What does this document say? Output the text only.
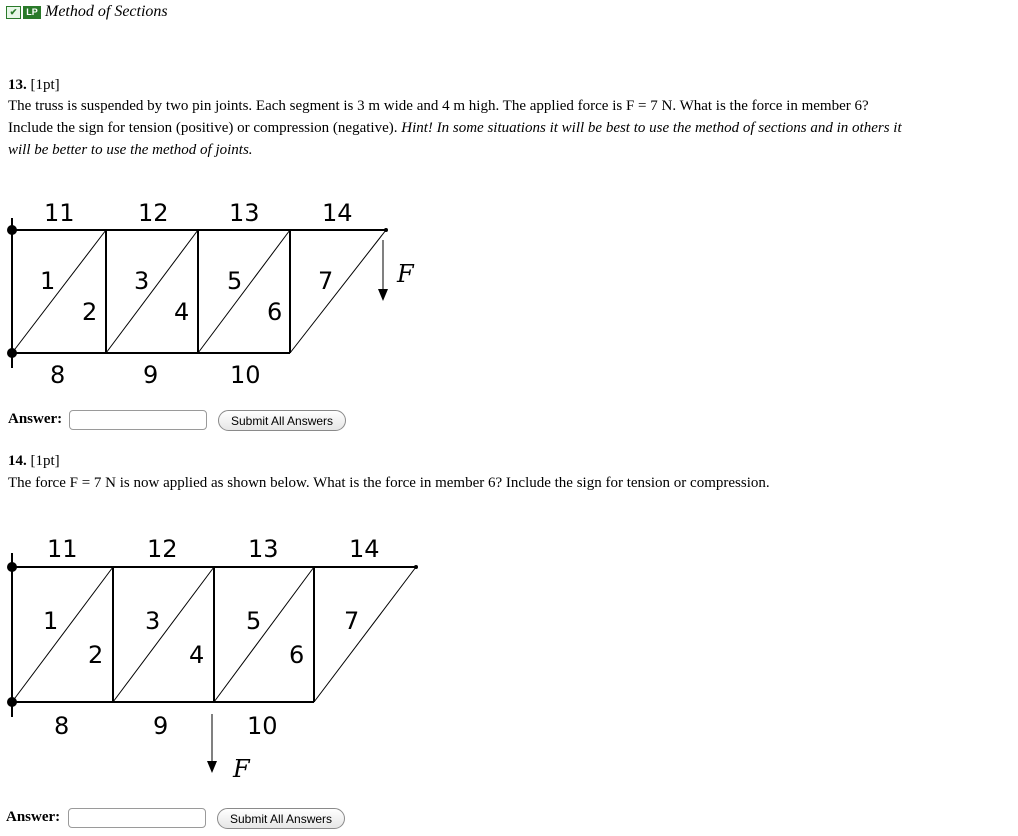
✔ LP Method of Sections
13. [1pt]
The truss is suspended by two pin joints. Each segment is 3 m wide and 4 m high. The applied force is F = 7 N. What is the force in member 6?
Include the sign for tension (positive) or compression (negative). Hint! In some situations it will be best to use the method of sections and in others it
will be better to use the method of joints.
11	12	13	14
1	3	5	7
2	4	6
8	9	10
F
Answer:	Submit All Answers
14. [1pt]
The force F = 7 N is now applied as shown below. What is the force in member 6? Include the sign for tension or compression.
11	12	13	14
1	3	5	7
2	4	6
8	9	10
F
Answer:	Submit All Answers
